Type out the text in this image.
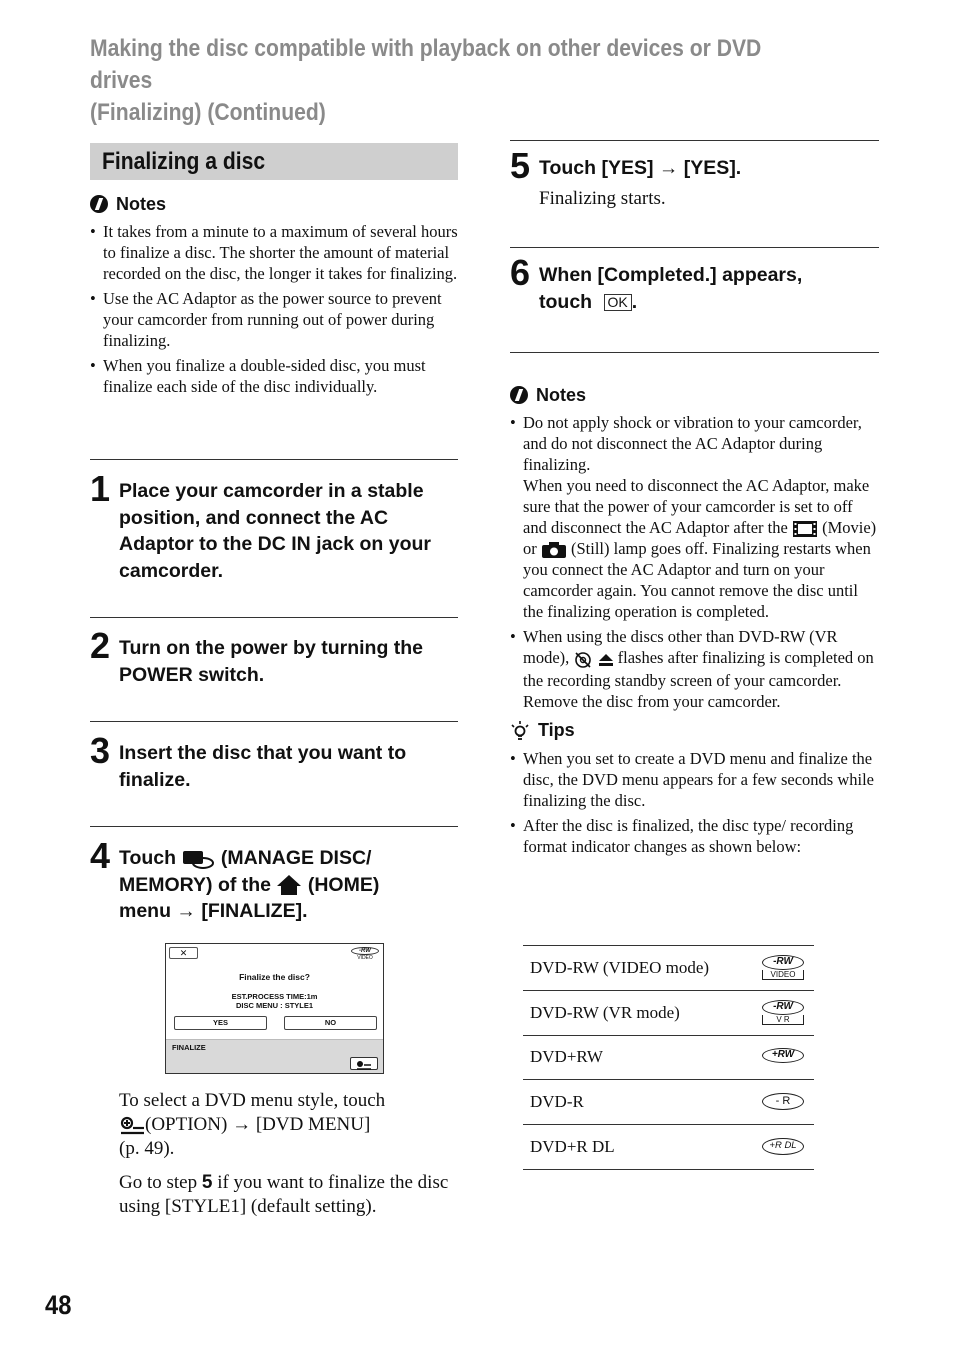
Making the disc compatible with playback on other devices or DVD drives
(Finalizing) (Continued)
Finalizing a disc
Notes
• It takes from a minute to a maximum of several hours to finalize a disc. The shorter the amount of material recorded on the disc, the longer it takes for finalizing.
• Use the AC Adaptor as the power source to prevent your camcorder from running out of power during finalizing.
• When you finalize a double-sided disc, you must finalize each side of the disc individually.
1 Place your camcorder in a stable position, and connect the AC Adaptor to the DC IN jack on your camcorder.
2 Turn on the power by turning the POWER switch.
3 Insert the disc that you want to finalize.
4 Touch (MANAGE DISC/
MEMORY) of the (HOME)
menu → [FINALIZE].
✕	-RW
VIDEO
Finalize the disc?
EST.PROCESS TIME:1m
DISC MENU : STYLE1
YES	NO
FINALIZE
To select a DVD menu style, touch
(OPTION) → [DVD MENU]
(p. 49).
Go to step 5 if you want to finalize the disc using [STYLE1] (default setting).
5 Touch [YES] → [YES].
Finalizing starts.
6 When [Completed.] appears,
touch OK .
Notes
• Do not apply shock or vibration to your camcorder, and do not disconnect the AC Adaptor during finalizing.
When you need to disconnect the AC Adaptor, make sure that the power of your camcorder is set to off and disconnect the AC Adaptor after the (Movie) or (Still) lamp goes off. Finalizing restarts when you connect the AC Adaptor and turn on your camcorder again. You cannot remove the disc until the finalizing operation is completed.
• When using the discs other than DVD-RW (VR mode),	flashes after finalizing is completed on the recording standby screen of your camcorder. Remove the disc from your camcorder.
Tips
• When you set to create a DVD menu and finalize the disc, the DVD menu appears for a few seconds while finalizing the disc.
• After the disc is finalized, the disc type/ recording format indicator changes as shown below:
DVD-RW (VIDEO mode)	-RW
VIDEO
DVD-RW (VR mode)	-RW
V R
DVD+RW	+RW
DVD-R	- R
DVD+R DL	+R DL
48
